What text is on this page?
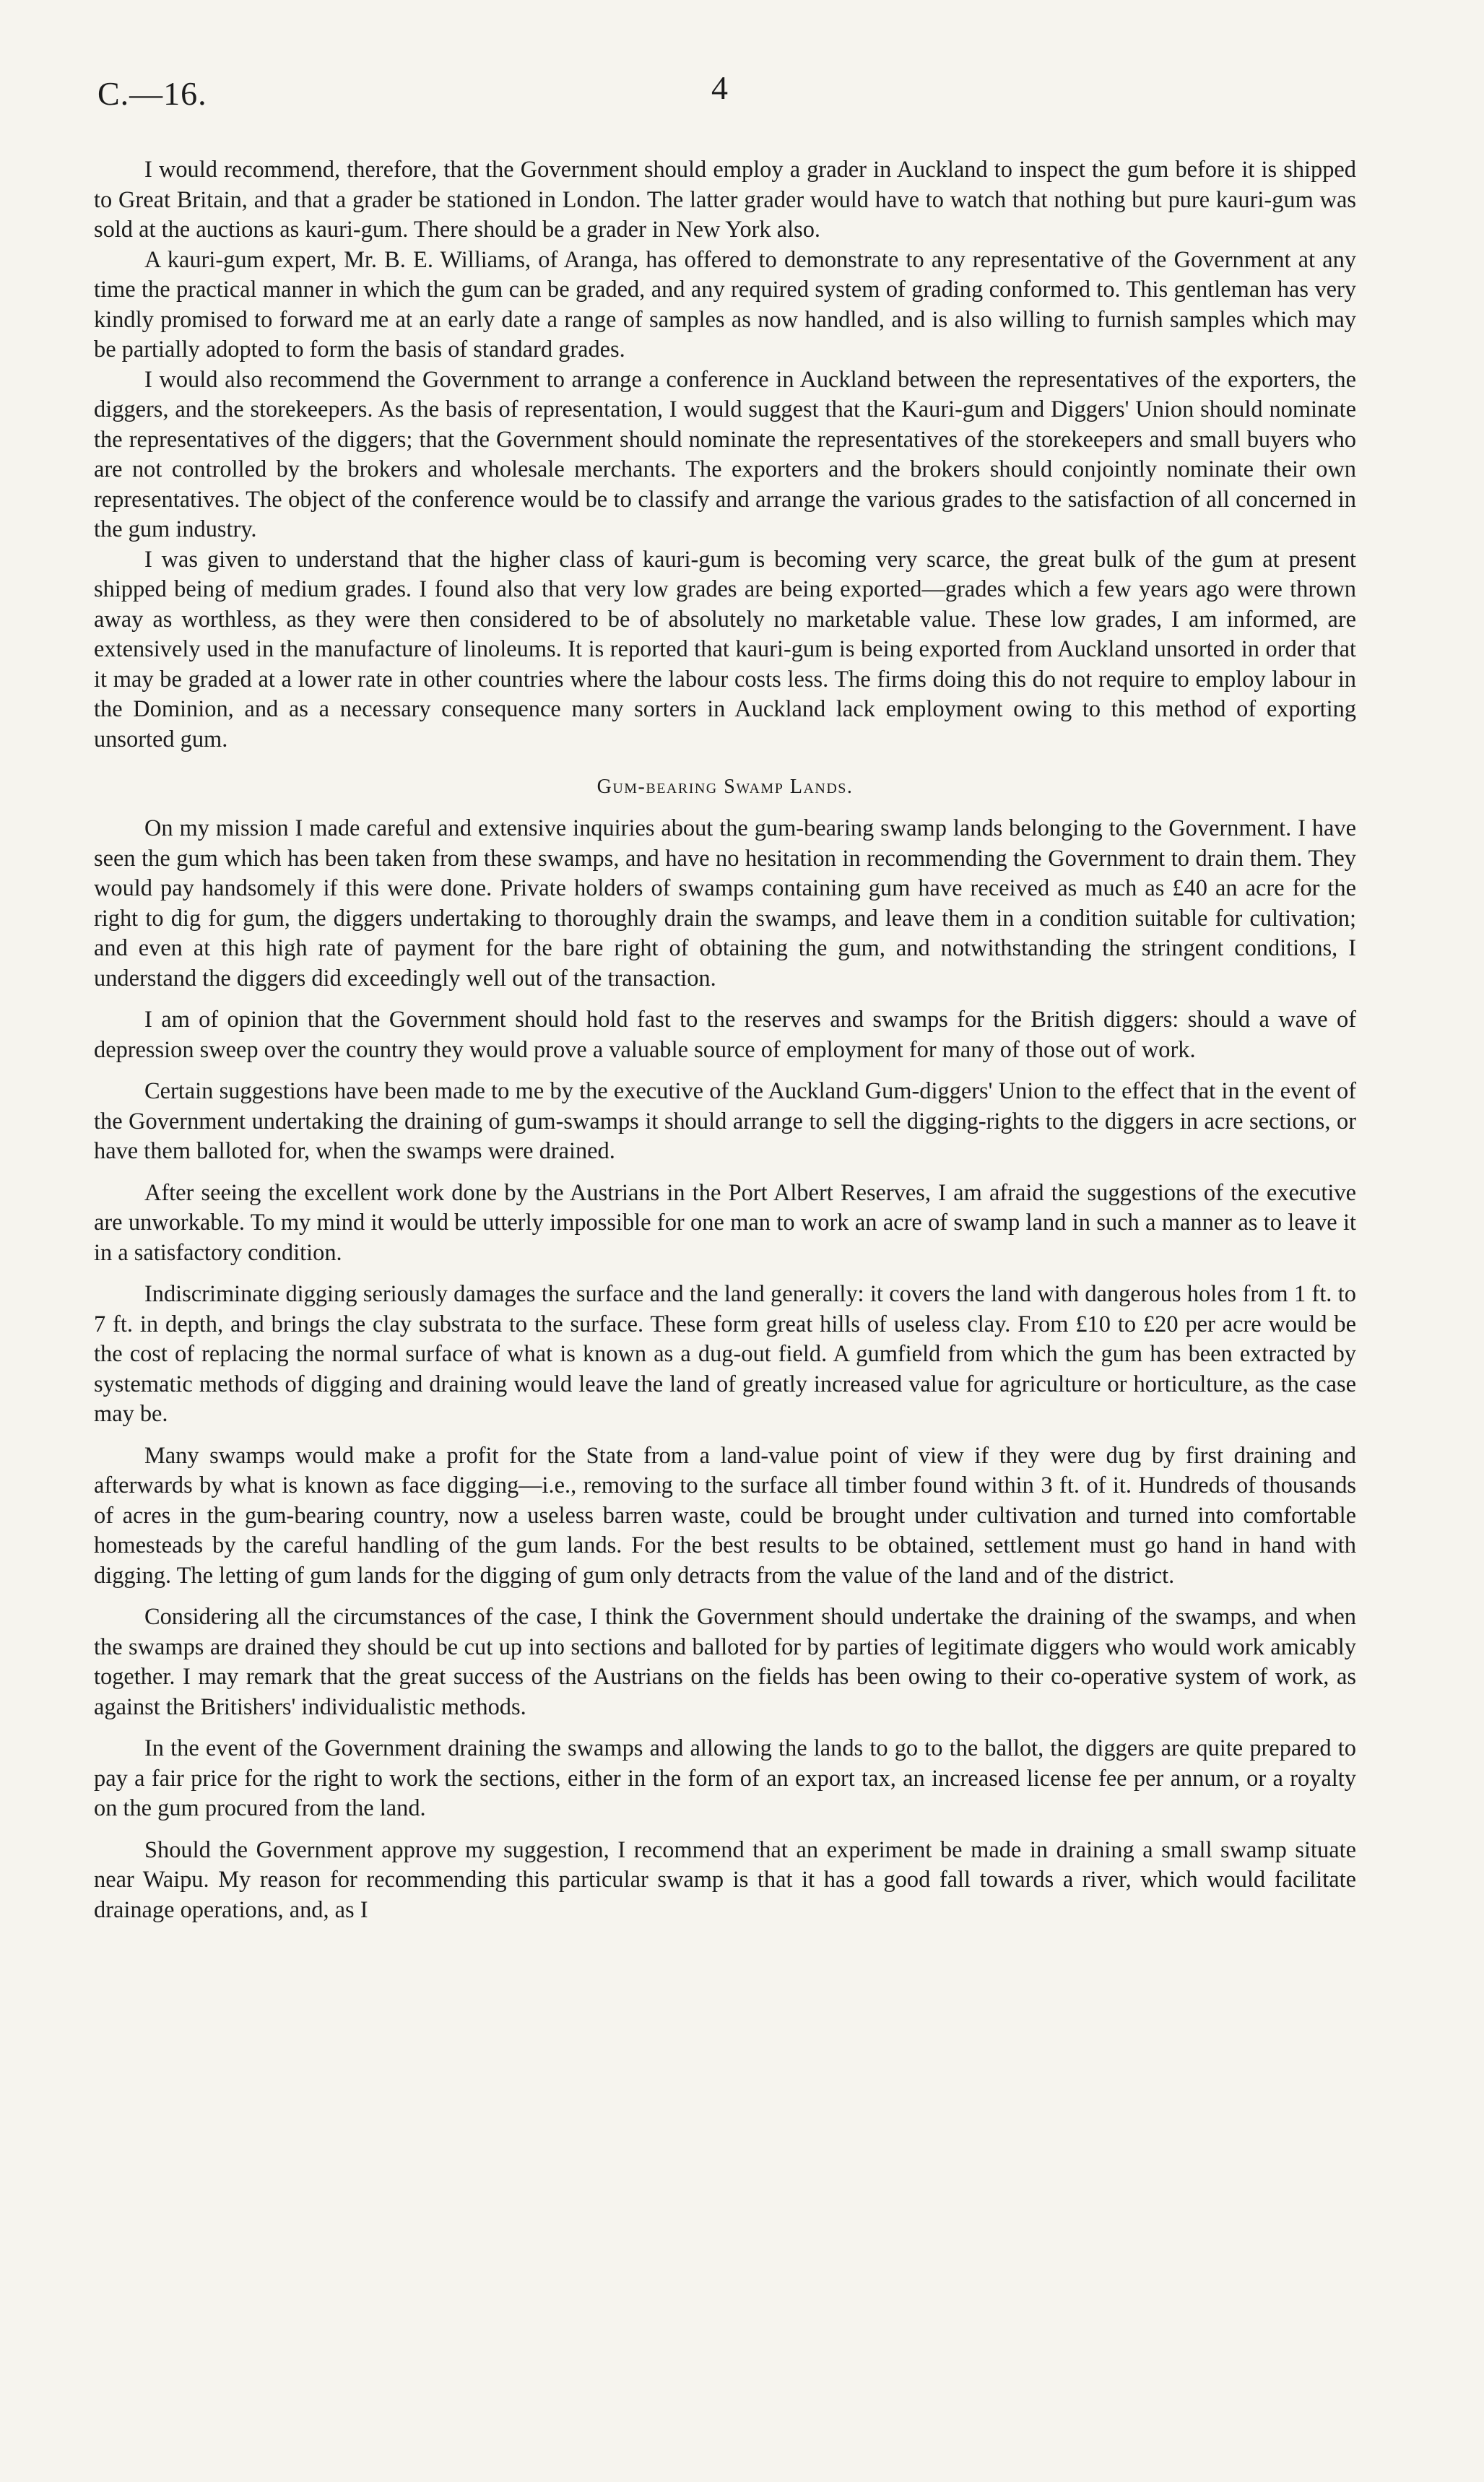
C.—16.	4

I would recommend, therefore, that the Government should employ a grader in Auckland to inspect the gum before it is shipped to Great Britain, and that a grader be stationed in London. The latter grader would have to watch that nothing but pure kauri-gum was sold at the auctions as kauri-gum. There should be a grader in New York also.

A kauri-gum expert, Mr. B. E. Williams, of Aranga, has offered to demonstrate to any representative of the Government at any time the practical manner in which the gum can be graded, and any required system of grading conformed to. This gentleman has very kindly promised to forward me at an early date a range of samples as now handled, and is also willing to furnish samples which may be partially adopted to form the basis of standard grades.

I would also recommend the Government to arrange a conference in Auckland between the representatives of the exporters, the diggers, and the storekeepers. As the basis of representation, I would suggest that the Kauri-gum and Diggers' Union should nominate the representatives of the diggers; that the Government should nominate the representatives of the storekeepers and small buyers who are not controlled by the brokers and wholesale merchants. The exporters and the brokers should conjointly nominate their own representatives. The object of the conference would be to classify and arrange the various grades to the satisfaction of all concerned in the gum industry.

I was given to understand that the higher class of kauri-gum is becoming very scarce, the great bulk of the gum at present shipped being of medium grades. I found also that very low grades are being exported—grades which a few years ago were thrown away as worthless, as they were then considered to be of absolutely no marketable value. These low grades, I am informed, are extensively used in the manufacture of linoleums. It is reported that kauri-gum is being exported from Auckland unsorted in order that it may be graded at a lower rate in other countries where the labour costs less. The firms doing this do not require to employ labour in the Dominion, and as a necessary consequence many sorters in Auckland lack employment owing to this method of exporting unsorted gum.

Gum-bearing Swamp Lands.

On my mission I made careful and extensive inquiries about the gum-bearing swamp lands belonging to the Government. I have seen the gum which has been taken from these swamps, and have no hesitation in recommending the Government to drain them. They would pay handsomely if this were done. Private holders of swamps containing gum have received as much as £40 an acre for the right to dig for gum, the diggers undertaking to thoroughly drain the swamps, and leave them in a condition suitable for cultivation; and even at this high rate of payment for the bare right of obtaining the gum, and notwithstanding the stringent conditions, I understand the diggers did exceedingly well out of the transaction.

I am of opinion that the Government should hold fast to the reserves and swamps for the British diggers: should a wave of depression sweep over the country they would prove a valuable source of employment for many of those out of work.

Certain suggestions have been made to me by the executive of the Auckland Gum-diggers' Union to the effect that in the event of the Government undertaking the draining of gum-swamps it should arrange to sell the digging-rights to the diggers in acre sections, or have them balloted for, when the swamps were drained.

After seeing the excellent work done by the Austrians in the Port Albert Reserves, I am afraid the suggestions of the executive are unworkable. To my mind it would be utterly impossible for one man to work an acre of swamp land in such a manner as to leave it in a satisfactory condition.

Indiscriminate digging seriously damages the surface and the land generally: it covers the land with dangerous holes from 1 ft. to 7 ft. in depth, and brings the clay substrata to the surface. These form great hills of useless clay. From £10 to £20 per acre would be the cost of replacing the normal surface of what is known as a dug-out field. A gumfield from which the gum has been extracted by systematic methods of digging and draining would leave the land of greatly increased value for agriculture or horticulture, as the case may be.

Many swamps would make a profit for the State from a land-value point of view if they were dug by first draining and afterwards by what is known as face digging—i.e., removing to the surface all timber found within 3 ft. of it. Hundreds of thousands of acres in the gum-bearing country, now a useless barren waste, could be brought under cultivation and turned into comfortable homesteads by the careful handling of the gum lands. For the best results to be obtained, settlement must go hand in hand with digging. The letting of gum lands for the digging of gum only detracts from the value of the land and of the district.

Considering all the circumstances of the case, I think the Government should undertake the draining of the swamps, and when the swamps are drained they should be cut up into sections and balloted for by parties of legitimate diggers who would work amicably together. I may remark that the great success of the Austrians on the fields has been owing to their co-operative system of work, as against the Britishers' individualistic methods.

In the event of the Government draining the swamps and allowing the lands to go to the ballot, the diggers are quite prepared to pay a fair price for the right to work the sections, either in the form of an export tax, an increased license fee per annum, or a royalty on the gum procured from the land.

Should the Government approve my suggestion, I recommend that an experiment be made in draining a small swamp situate near Waipu. My reason for recommending this particular swamp is that it has a good fall towards a river, which would facilitate drainage operations, and, as I
